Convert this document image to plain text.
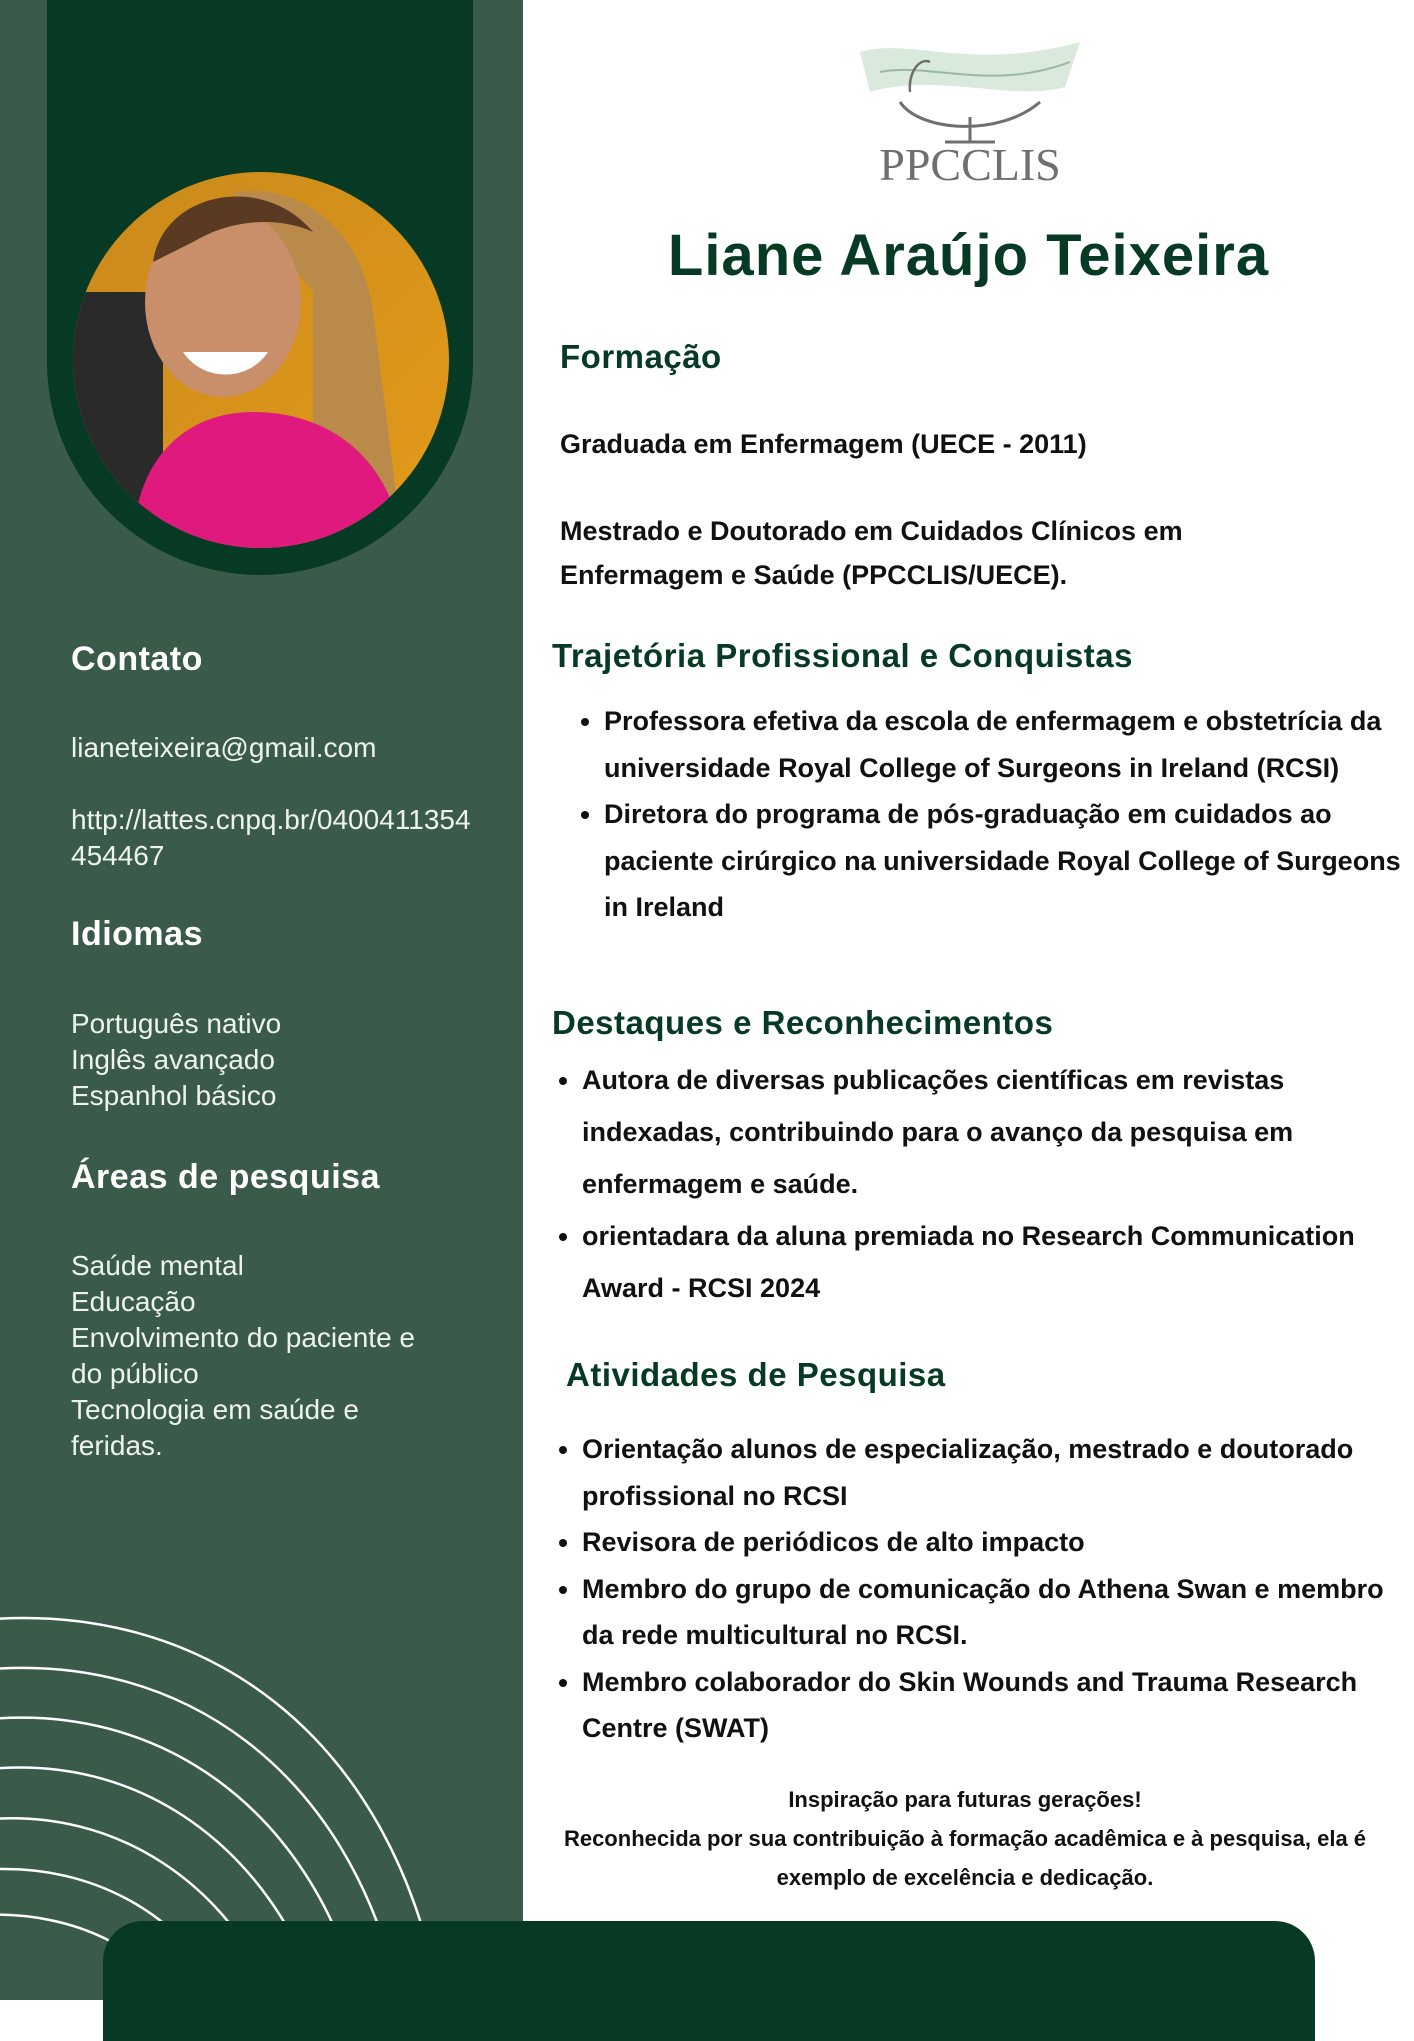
Contato
lianeteixeira@gmail.com
http://lattes.cnpq.br/0400411354454467
Idiomas
Português nativo
Inglês avançado
Espanhol básico
Áreas de pesquisa
Saúde mental
Educação
Envolvimento do paciente e do público
Tecnologia em saúde e feridas.
PPCCLIS
Liane Araújo Teixeira
Formação

Graduada em Enfermagem (UECE - 2011)

Mestrado e Doutorado em Cuidados Clínicos em Enfermagem e Saúde (PPCCLIS/UECE).

Trajetória Profissional e Conquistas
• Professora efetiva da escola de enfermagem e obstetrícia da universidade Royal College of Surgeons in Ireland (RCSI)
• Diretora do programa de pós-graduação em cuidados ao paciente cirúrgico na universidade Royal College of Surgeons in Ireland
Destaques e Reconhecimentos
• Autora de diversas publicações científicas em revistas indexadas, contribuindo para o avanço da pesquisa em enfermagem e saúde.
• orientadara da aluna premiada no Research Communication Award - RCSI 2024
Atividades de Pesquisa
• Orientação alunos de especialização, mestrado e doutorado profissional no RCSI
• Revisora de periódicos de alto impacto
• Membro do grupo de comunicação do Athena Swan e membro da rede multicultural no RCSI.
• Membro colaborador do Skin Wounds and Trauma Research Centre (SWAT)
Inspiração para futuras gerações!
Reconhecida por sua contribuição à formação acadêmica e à pesquisa, ela é exemplo de excelência e dedicação.
